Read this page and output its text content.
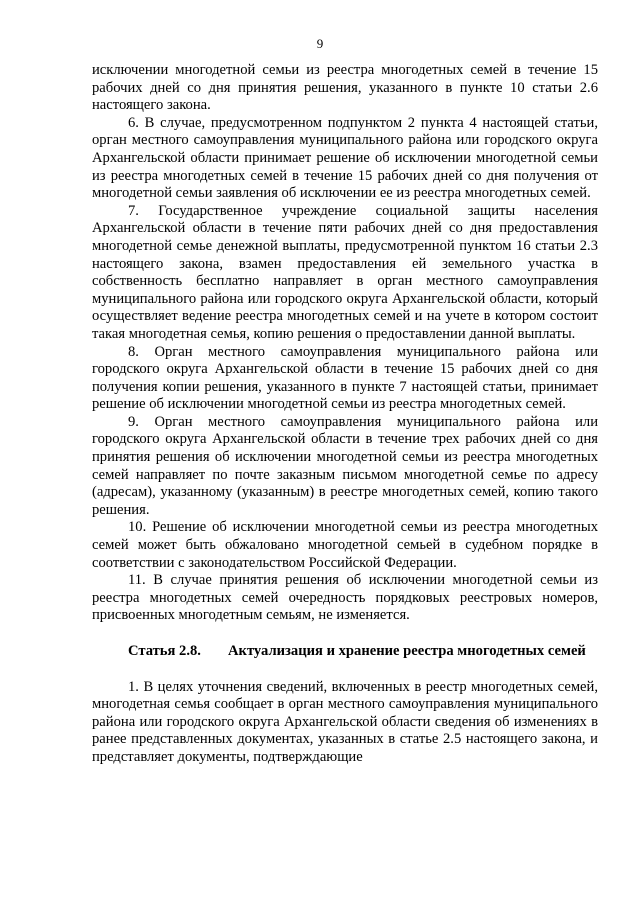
9

исключении многодетной семьи из реестра многодетных семей в течение 15 рабочих дней со дня принятия решения, указанного в пункте 10 статьи 2.6 настоящего закона.

6. В случае, предусмотренном подпунктом 2 пункта 4 настоящей статьи, орган местного самоуправления муниципального района или городского округа Архангельской области принимает решение об исключении многодетной семьи из реестра многодетных семей в течение 15 рабочих дней со дня получения от многодетной семьи заявления об исключении ее из реестра многодетных семей.

7. Государственное учреждение социальной защиты населения Архангельской области в течение пяти рабочих дней со дня предоставления многодетной семье денежной выплаты, предусмотренной пунктом 16 статьи 2.3 настоящего закона, взамен предоставления ей земельного участка в собственность бесплатно направляет в орган местного самоуправления муниципального района или городского округа Архангельской области, который осуществляет ведение реестра многодетных семей и на учете в котором состоит такая многодетная семья, копию решения о предоставлении данной выплаты.

8. Орган местного самоуправления муниципального района или городского округа Архангельской области в течение 15 рабочих дней со дня получения копии решения, указанного в пункте 7 настоящей статьи, принимает решение об исключении многодетной семьи из реестра многодетных семей.

9. Орган местного самоуправления муниципального района или городского округа Архангельской области в течение трех рабочих дней со дня принятия решения об исключении многодетной семьи из реестра многодетных семей направляет по почте заказным письмом многодетной семье по адресу (адресам), указанному (указанным) в реестре многодетных семей, копию такого решения.

10. Решение об исключении многодетной семьи из реестра многодетных семей может быть обжаловано многодетной семьей в судебном порядке в соответствии с законодательством Российской Федерации.

11. В случае принятия решения об исключении многодетной семьи из реестра многодетных семей очередность порядковых реестровых номеров, присвоенных многодетным семьям, не изменяется.

Статья 2.8.	Актуализация и хранение реестра многодетных семей

1. В целях уточнения сведений, включенных в реестр многодетных семей, многодетная семья сообщает в орган местного самоуправления муниципального района или городского округа Архангельской области сведения об изменениях в ранее представленных документах, указанных в статье 2.5 настоящего закона, и представляет документы, подтверждающие
